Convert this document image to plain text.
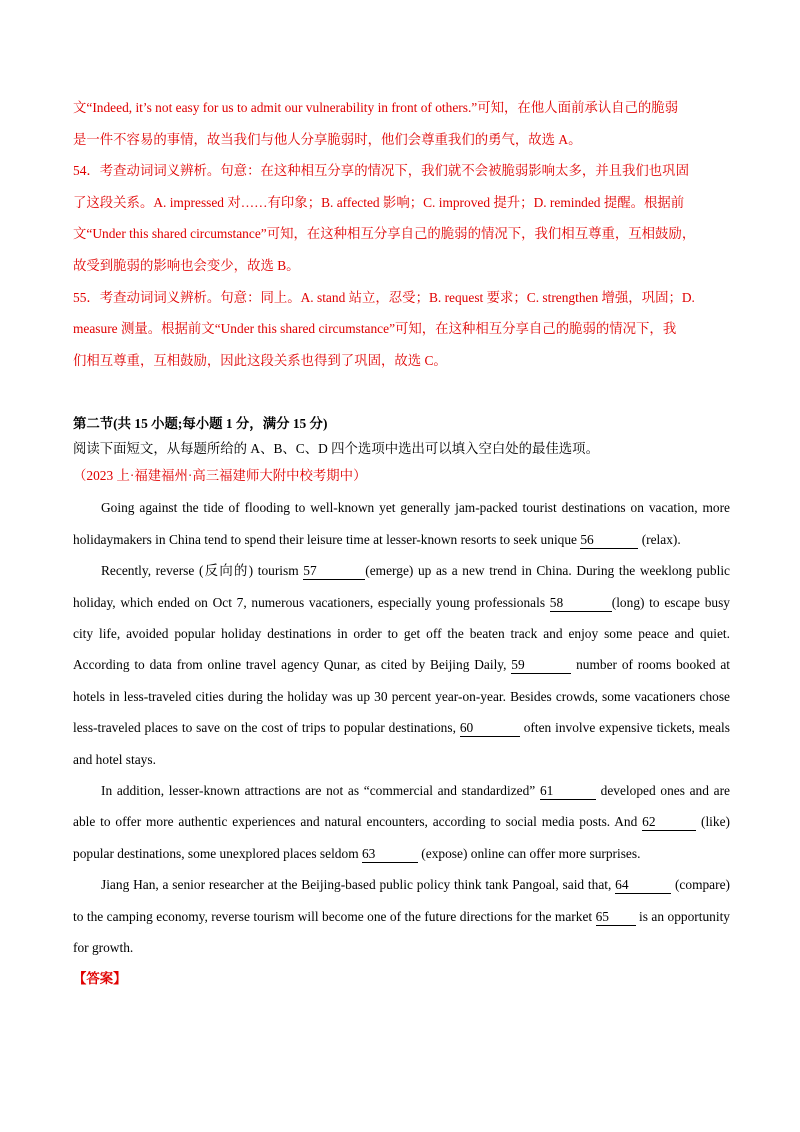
文“Indeed, it’s not easy for us to admit our vulnerability in front of others.”可知，在他人面前承认自己的脆弱

是一件不容易的事情，故当我们与他人分享脆弱时，他们会尊重我们的勇气，故选 A。

54．考查动词词义辨析。句意：在这种相互分享的情况下，我们就不会被脆弱影响太多，并且我们也巩固

了这段关系。A. impressed 对……有印象；B. affected 影响；C. improved 提升；D. reminded 提醒。根据前

文“Under this shared circumstance”可知，在这种相互分享自己的脆弱的情况下，我们相互尊重，互相鼓励，

故受到脆弱的影响也会变少，故选 B。

55．考查动词词义辨析。句意：同上。A. stand 站立，忍受；B. request 要求；C. strengthen 增强，巩固；D.

measure 测量。根据前文“Under this shared circumstance”可知，在这种相互分享自己的脆弱的情况下，我

们相互尊重，互相鼓励，因此这段关系也得到了巩固，故选 C。

第二节(共 15 小题;每小题 1 分，满分 15 分)

阅读下面短文，从每题所给的 A、B、C、D 四个选项中选出可以填入空白处的最佳选项。

（2023 上·福建福州·高三福建师大附中校考期中）

Going against the tide of flooding to well-known yet generally jam-packed tourist destinations on vacation, more holidaymakers in China tend to spend their leisure time at lesser-known resorts to seek unique 56	(relax).

Recently, reverse (反向的) tourism 57	(emerge) up as a new trend in China. During the weeklong public holiday, which ended on Oct 7, numerous vacationers, especially young professionals 58	(long) to escape busy city life, avoided popular holiday destinations in order to get off the beaten track and enjoy some peace and quiet. According to data from online travel agency Qunar, as cited by Beijing Daily, 59	number of rooms booked at hotels in less-traveled cities during the holiday was up 30 percent year-on-year. Besides crowds, some vacationers chose less-traveled places to save on the cost of trips to popular destinations, 60	often involve expensive tickets, meals and hotel stays.

In addition, lesser-known attractions are not as “commercial and standardized” 61	developed ones and are able to offer more authentic experiences and natural encounters, according to social media posts. And 62	(like) popular destinations, some unexplored places seldom 63	(expose) online can offer more surprises.

Jiang Han, a senior researcher at the Beijing-based public policy think tank Pangoal, said that, 64	(compare) to the camping economy, reverse tourism will become one of the future directions for the market 65 is an opportunity for growth.

【答案】
